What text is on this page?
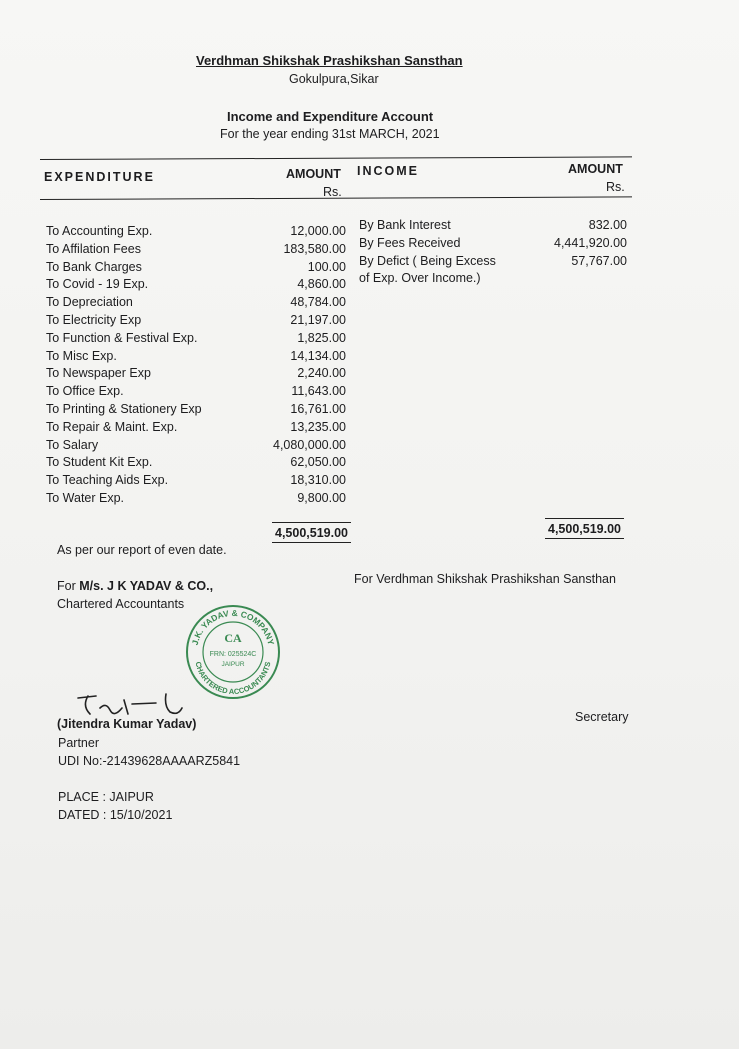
Verdhman Shikshak Prashikshan Sansthan
Gokulpura,Sikar
Income and Expenditure Account
For the year ending 31st MARCH, 2021
EXPENDITURE	AMOUNT
Rs.
INCOME	AMOUNT
Rs.
To Accounting Exp.	12,000.00
To Affilation Fees	183,580.00
To Bank Charges	100.00
To Covid - 19 Exp.	4,860.00
To Depreciation	48,784.00
To Electricity Exp	21,197.00
To Function & Festival Exp.	1,825.00
To Misc Exp.	14,134.00
To Newspaper Exp	2,240.00
To Office Exp.	11,643.00
To Printing & Stationery Exp	16,761.00
To Repair & Maint. Exp.	13,235.00
To Salary	4,080,000.00
To Student Kit Exp.	62,050.00
To Teaching Aids Exp.	18,310.00
To Water Exp.	9,800.00
By Bank Interest	832.00
By Fees Received	4,441,920.00
By Defict ( Being Excess	57,767.00
of Exp. Over Income.)
4,500,519.00	4,500,519.00
As per our report of even date.
For M/s. J K YADAV & CO.,
Chartered Accountants
For Verdhman Shikshak Prashikshan Sansthan
J.K. YADAV & COMPANY
CHARTERED ACCOUNTANTS
CA
FRN: 025524C
JAIPUR
(Jitendra Kumar Yadav)
Partner
UDI No:-21439628AAAARZ5841
Secretary
PLACE : JAIPUR
DATED : 15/10/2021
